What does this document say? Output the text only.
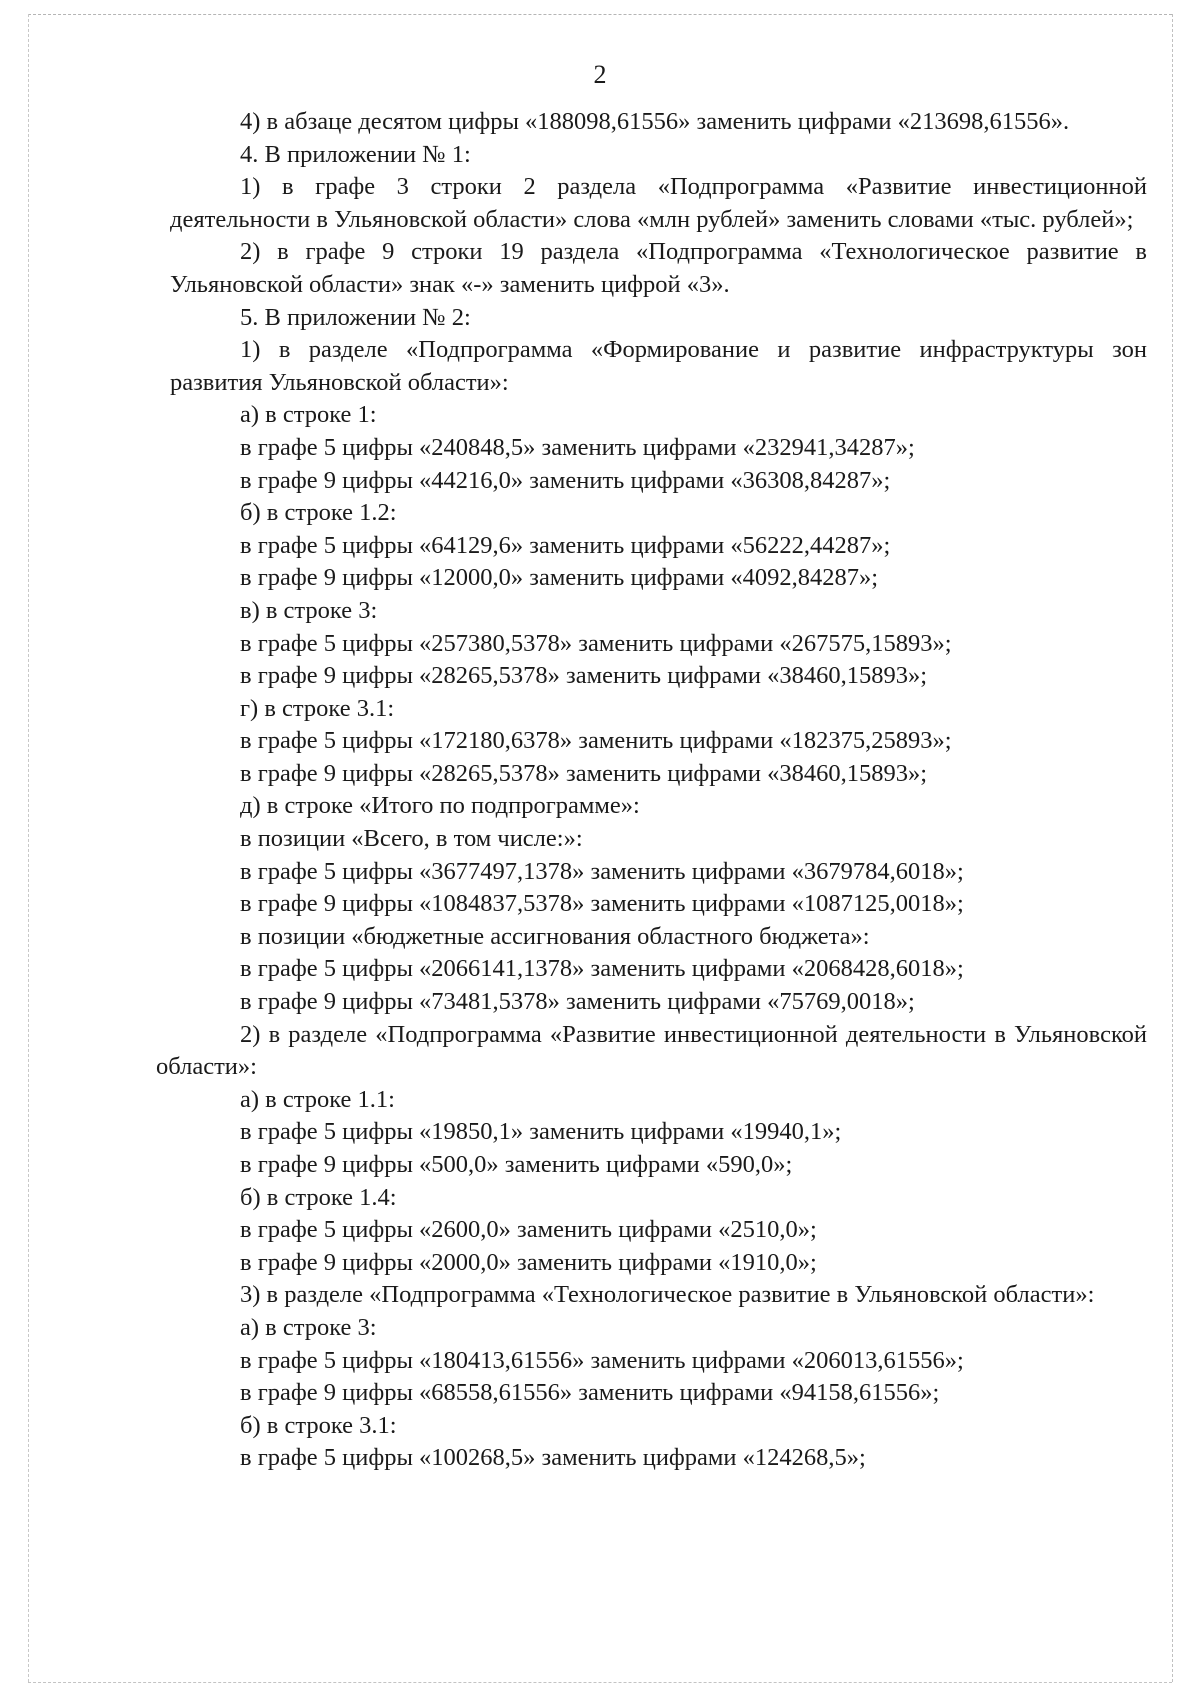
2

4) в абзаце десятом цифры «188098,61556» заменить цифрами «213698,61556».

4. В приложении № 1:

1) в графе 3 строки 2 раздела «Подпрограмма «Развитие инвестиционной деятельности в Ульяновской области» слова «млн рублей» заменить словами «тыс. рублей»;

2) в графе 9 строки 19 раздела «Подпрограмма «Технологическое развитие в Ульяновской области» знак «-» заменить цифрой «3».

5. В приложении № 2:

1) в разделе «Подпрограмма «Формирование и развитие инфраструктуры зон развития Ульяновской области»:

а) в строке 1:

в графе 5 цифры «240848,5» заменить цифрами «232941,34287»;

в графе 9 цифры «44216,0» заменить цифрами «36308,84287»;

б) в строке 1.2:

в графе 5 цифры «64129,6» заменить цифрами «56222,44287»;

в графе 9 цифры «12000,0» заменить цифрами «4092,84287»;

в) в строке 3:

в графе 5 цифры «257380,5378» заменить цифрами «267575,15893»;

в графе 9 цифры «28265,5378» заменить цифрами «38460,15893»;

г) в строке 3.1:

в графе 5 цифры «172180,6378» заменить цифрами «182375,25893»;

в графе 9 цифры «28265,5378» заменить цифрами «38460,15893»;

д) в строке «Итого по подпрограмме»:

в позиции «Всего, в том числе:»:

в графе 5 цифры «3677497,1378» заменить цифрами «3679784,6018»;

в графе 9 цифры «1084837,5378» заменить цифрами «1087125,0018»;

в позиции «бюджетные ассигнования областного бюджета»:

в графе 5 цифры «2066141,1378» заменить цифрами «2068428,6018»;

в графе 9 цифры «73481,5378» заменить цифрами «75769,0018»;

2) в разделе «Подпрограмма «Развитие инвестиционной деятельности в Ульяновской области»:

а) в строке 1.1:

в графе 5 цифры «19850,1» заменить цифрами «19940,1»;

в графе 9 цифры «500,0» заменить цифрами «590,0»;

б) в строке 1.4:

в графе 5 цифры «2600,0» заменить цифрами «2510,0»;

в графе 9 цифры «2000,0» заменить цифрами «1910,0»;

3) в разделе «Подпрограмма «Технологическое развитие в Ульяновской области»:

а) в строке 3:

в графе 5 цифры «180413,61556» заменить цифрами «206013,61556»;

в графе 9 цифры «68558,61556» заменить цифрами «94158,61556»;

б) в строке 3.1:

в графе 5 цифры «100268,5» заменить цифрами «124268,5»;
